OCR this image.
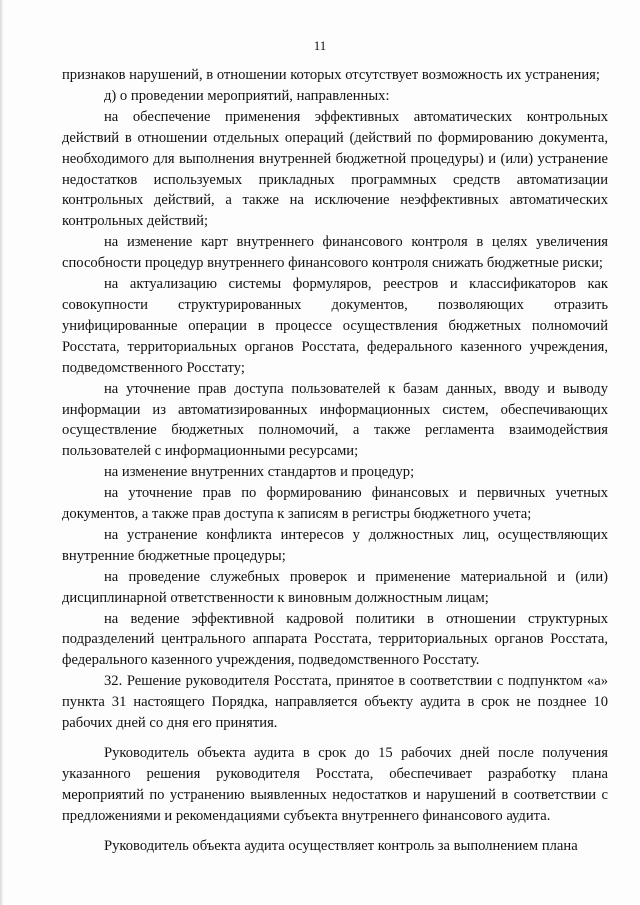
11

признаков нарушений, в отношении которых отсутствует возможность их устранения;

д) о проведении мероприятий, направленных:

на обеспечение применения эффективных автоматических контрольных действий в отношении отдельных операций (действий по формированию документа, необходимого для выполнения внутренней бюджетной процедуры) и (или) устранение недостатков используемых прикладных программных средств автоматизации контрольных действий, а также на исключение неэффективных автоматических контрольных действий;

на изменение карт внутреннего финансового контроля в целях увеличения способности процедур внутреннего финансового контроля снижать бюджетные риски;

на актуализацию системы формуляров, реестров и классификаторов как совокупности структурированных документов, позволяющих отразить унифицированные операции в процессе осуществления бюджетных полномочий Росстата, территориальных органов Росстата, федерального казенного учреждения, подведомственного Росстату;

на уточнение прав доступа пользователей к базам данных, вводу и выводу информации из автоматизированных информационных систем, обеспечивающих осуществление бюджетных полномочий, а также регламента взаимодействия пользователей с информационными ресурсами;

на изменение внутренних стандартов и процедур;

на уточнение прав по формированию финансовых и первичных учетных документов, а также прав доступа к записям в регистры бюджетного учета;

на устранение конфликта интересов у должностных лиц, осуществляющих внутренние бюджетные процедуры;

на проведение служебных проверок и применение материальной и (или) дисциплинарной ответственности к виновным должностным лицам;

на ведение эффективной кадровой политики в отношении структурных подразделений центрального аппарата Росстата, территориальных органов Росстата, федерального казенного учреждения, подведомственного Росстату.

32. Решение руководителя Росстата, принятое в соответствии с подпунктом «а» пункта 31 настоящего Порядка, направляется объекту аудита в срок не позднее 10 рабочих дней со дня его принятия.

Руководитель объекта аудита в срок до 15 рабочих дней после получения указанного решения руководителя Росстата, обеспечивает разработку плана мероприятий по устранению выявленных недостатков и нарушений в соответствии с предложениями и рекомендациями субъекта внутреннего финансового аудита.

Руководитель объекта аудита осуществляет контроль за выполнением плана
